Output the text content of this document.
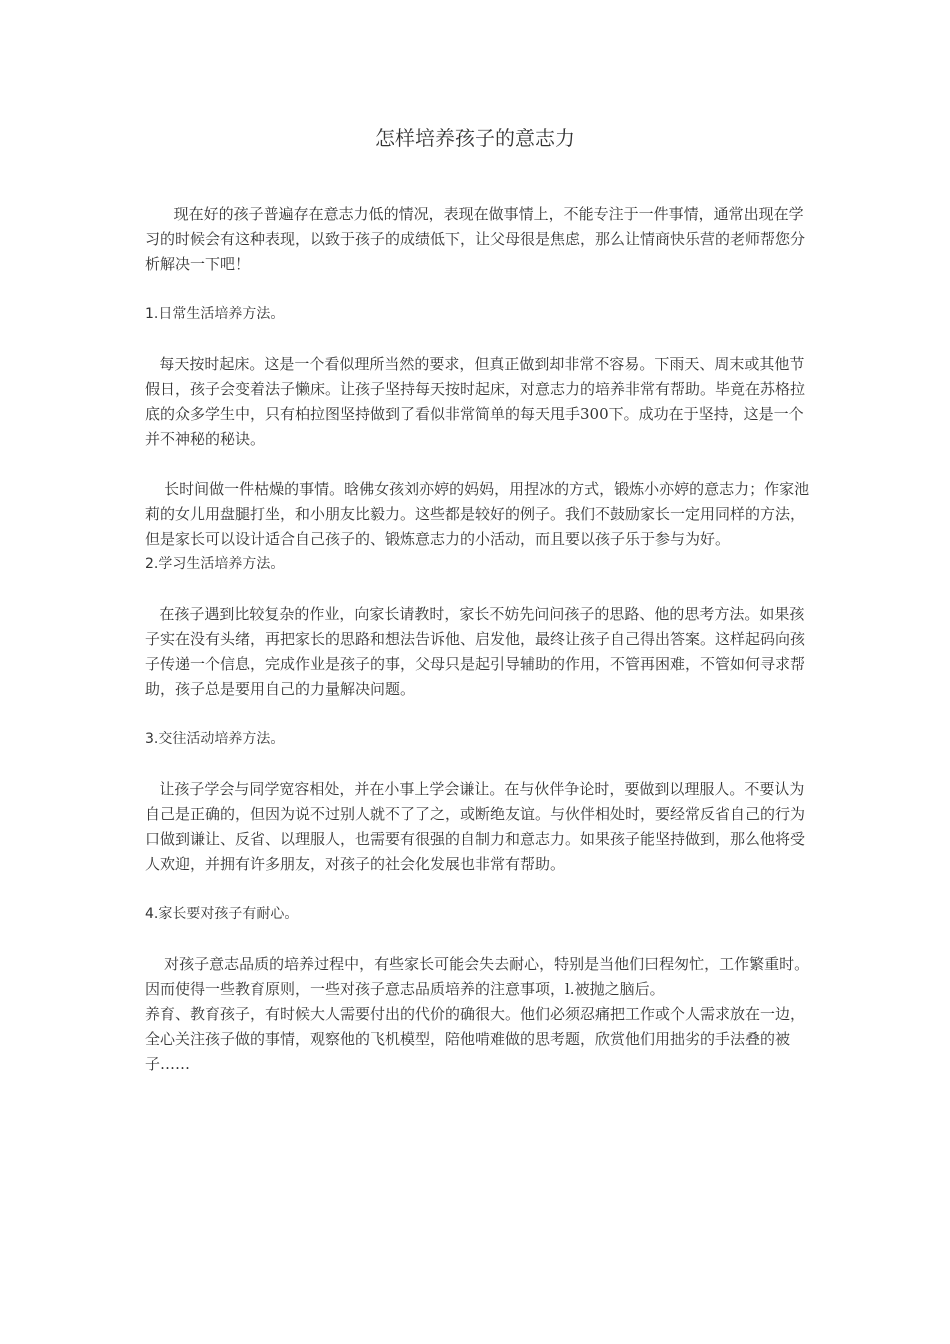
怎样培养孩子的意志力

现在好的孩子普遍存在意志力低的情况，表现在做事情上，不能专注于一件事情，通常出现在学习的时候会有这种表现，以致于孩子的成绩低下，让父母很是焦虑，那么让情商快乐营的老师帮您分析解决一下吧！

1.日常生活培养方法。

每天按时起床。这是一个看似理所当然的要求，但真正做到却非常不容易。下雨天、周末或其他节假日，孩子会变着法子懒床。让孩子坚持每天按时起床，对意志力的培养非常有帮助。毕竟在苏格拉底的众多学生中，只有柏拉图坚持做到了看似非常简单的每天甩手300下。成功在于坚持，这是一个并不神秘的秘诀。

长时间做一件枯燥的事情。晗佛女孩刘亦婷的妈妈，用捏冰的方式，锻炼小亦婷的意志力；作家池莉的女儿用盘腿打坐，和小朋友比毅力。这些都是较好的例子。我们不鼓励家长一定用同样的方法，但是家长可以设计适合自己孩子的、锻炼意志力的小活动，而且要以孩子乐于参与为好。

2.学习生活培养方法。

在孩子遇到比较复杂的作业，向家长请教时，家长不妨先问问孩子的思路、他的思考方法。如果孩子实在没有头绪，再把家长的思路和想法告诉他、启发他，最终让孩子自己得出答案。这样起码向孩子传递一个信息，完成作业是孩子的事，父母只是起引导辅助的作用，不管再困难，不管如何寻求帮助，孩子总是要用自己的力量解决问题。

3.交往活动培养方法。

让孩子学会与同学宽容相处，并在小事上学会谦让。在与伙伴争论时，要做到以理服人。不要认为自己是正确的，但因为说不过别人就不了了之，或断绝友谊。与伙伴相处时，要经常反省自己的行为口做到谦让、反省、以理服人，也需要有很强的自制力和意志力。如果孩子能坚持做到，那么他将受人欢迎，并拥有许多朋友，对孩子的社会化发展也非常有帮助。

4.家长要对孩子有耐心。

对孩子意志品质的培养过程中，有些家长可能会失去耐心，特别是当他们曰程匆忙，工作繁重时。因而使得一些教育原则，一些对孩子意志品质培养的注意事项，l.被抛之脑后。

养育、教育孩子，有时候大人需要付出的代价的确很大。他们必须忍痛把工作或个人需求放在一边，全心关注孩子做的事情，观察他的飞机模型，陪他啃难做的思考题，欣赏他们用拙劣的手法叠的被子……
